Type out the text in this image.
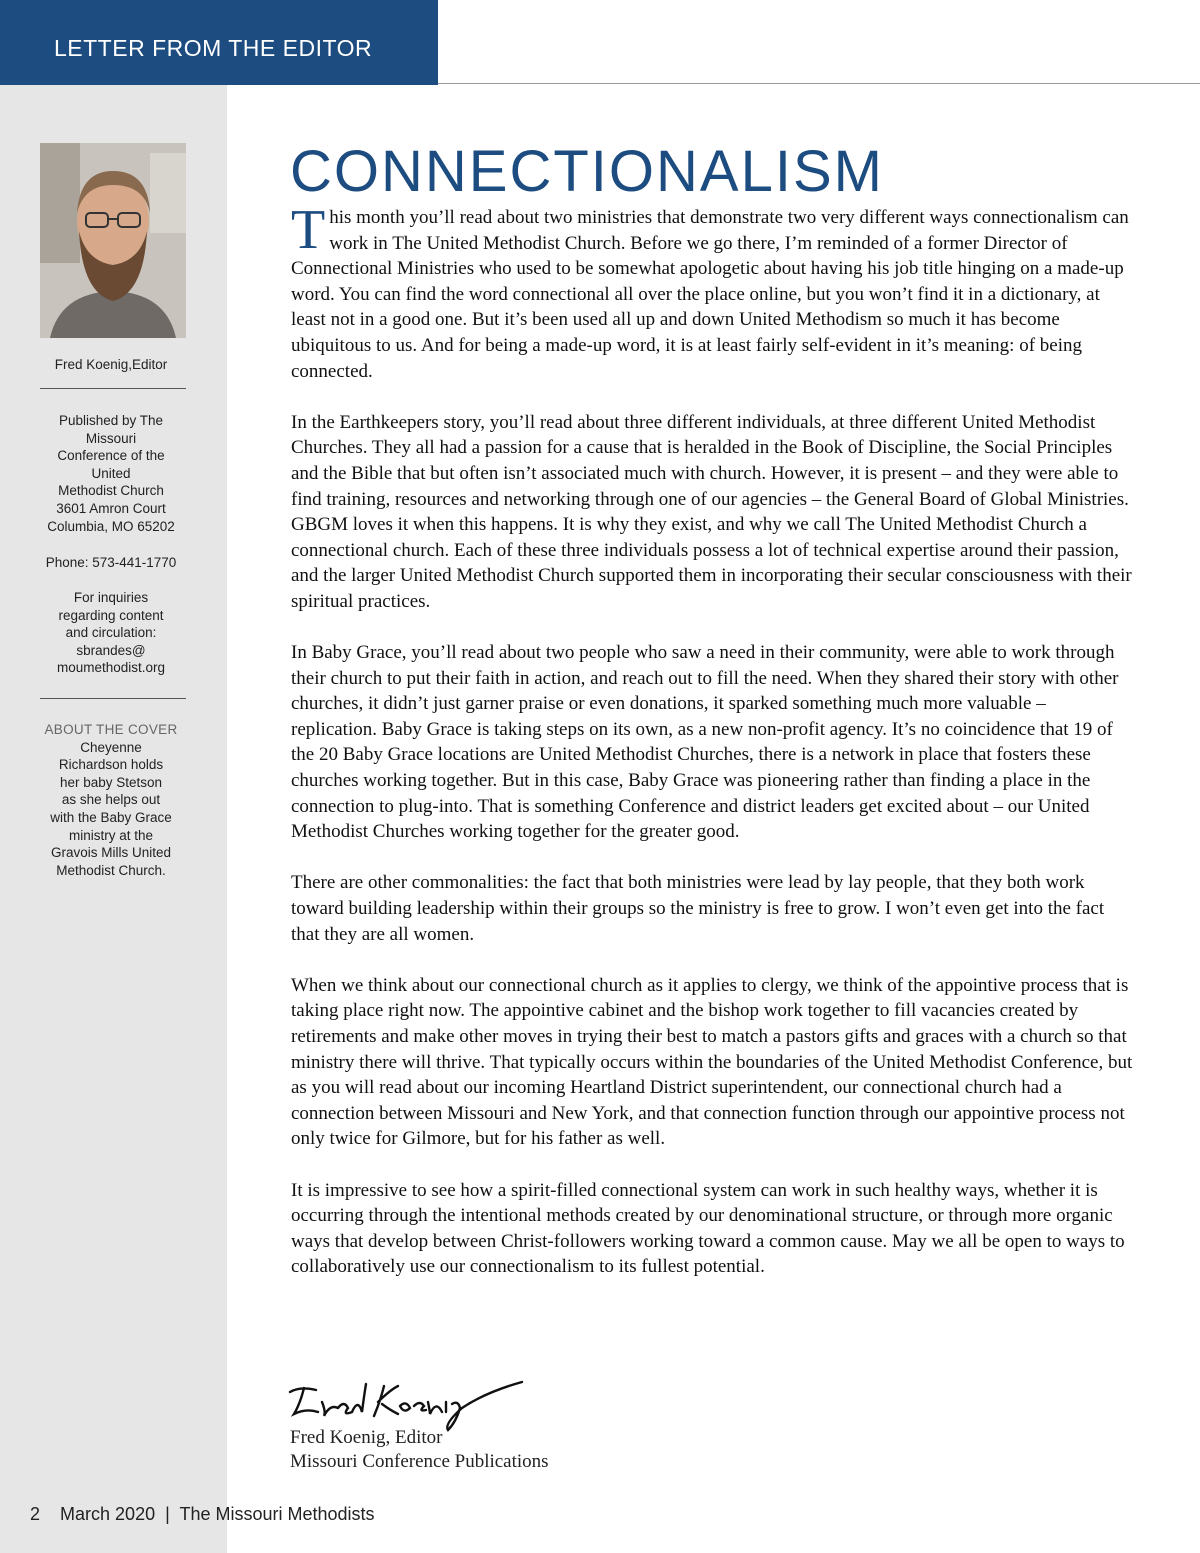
LETTER FROM THE EDITOR
Fred Koenig,Editor
Published by The
Missouri
Conference of the
United
Methodist Church
3601 Amron Court
Columbia, MO 65202
Phone: 573-441-1770
For inquiries
regarding content
and circulation:
sbrandes@
moumethodist.org
ABOUT THE COVER
Cheyenne
Richardson holds
her baby Stetson
as she helps out
with the Baby Grace
ministry at the
Gravois Mills United
Methodist Church.
CONNECTIONALISM

This month you’ll read about two ministries that demonstrate two very different ways connectionalism can work in The United Methodist Church. Before we go there, I’m reminded of a former Director of Connectional Ministries who used to be somewhat apologetic about having his job title hinging on a made-up word. You can find the word connectional all over the place online, but you won’t find it in a dictionary, at least not in a good one. But it’s been used all up and down United Methodism so much it has become ubiquitous to us. And for being a made-up word, it is at least fairly self-evident in it’s meaning: of being connected.

In the Earthkeepers story, you’ll read about three different individuals, at three different United Methodist Churches. They all had a passion for a cause that is heralded in the Book of Discipline, the Social Principles and the Bible that but often isn’t associated much with church. However, it is present – and they were able to find training, resources and networking through one of our agencies – the General Board of Global Ministries. GBGM loves it when this happens. It is why they exist, and why we call The United Methodist Church a connectional church. Each of these three individuals possess a lot of technical expertise around their passion, and the larger United Methodist Church supported them in incorporating their secular consciousness with their spiritual practices.

In Baby Grace, you’ll read about two people who saw a need in their community, were able to work through their church to put their faith in action, and reach out to fill the need. When they shared their story with other churches, it didn’t just garner praise or even donations, it sparked something much more valuable – replication. Baby Grace is taking steps on its own, as a new non-profit agency. It’s no coincidence that 19 of the 20 Baby Grace locations are United Methodist Churches, there is a network in place that fosters these churches working together. But in this case, Baby Grace was pioneering rather than finding a place in the connection to plug-into. That is something Conference and district leaders get excited about – our United Methodist Churches working together for the greater good.

There are other commonalities: the fact that both ministries were lead by lay people, that they both work toward building leadership within their groups so the ministry is free to grow. I won’t even get into the fact that they are all women.

When we think about our connectional church as it applies to clergy, we think of the appointive process that is taking place right now. The appointive cabinet and the bishop work together to fill vacancies created by retirements and make other moves in trying their best to match a pastors gifts and graces with a church so that ministry there will thrive. That typically occurs within the boundaries of the United Methodist Conference, but as you will read about our incoming Heartland District superintendent, our connectional church had a connection between Missouri and New York, and that connection function through our appointive process not only twice for Gilmore, but for his father as well.

It is impressive to see how a spirit-filled connectional system can work in such healthy ways, whether it is occurring through the intentional methods created by our denominational structure, or through more organic ways that develop between Christ-followers working toward a common cause. May we all be open to ways to collaboratively use our connectionalism to its fullest potential.

Fred Koenig, Editor
Missouri Conference Publications
2 March 2020 | The Missouri Methodists
